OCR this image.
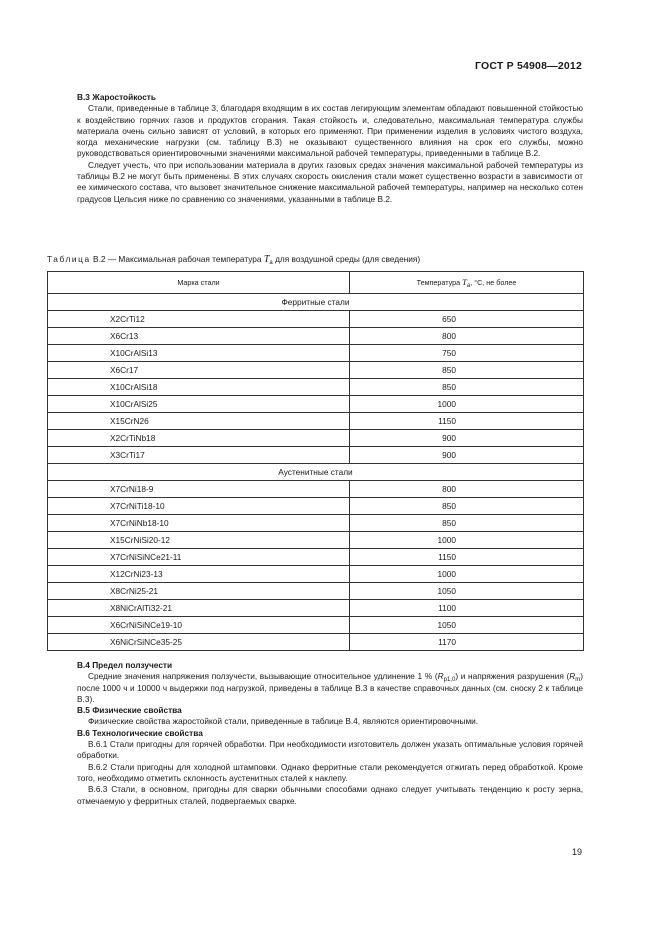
ГОСТ Р 54908—2012

В.3 Жаростойкость

Стали, приведенные в таблице 3, благодаря входящим в их состав легирующим элементам обладают повышенной стойкостью к воздействию горячих газов и продуктов сгорания. Такая стойкость и, следовательно, максимальная температура службы материала очень сильно зависят от условий, в которых его применяют. При применении изделия в условиях чистого воздуха, когда механические нагрузки (см. таблицу В.3) не оказывают существенного влияния на срок его службы, можно руководствоваться ориентировочными значениями максимальной рабочей температуры, приведенными в таблице В.2.

Следует учесть, что при использовании материала в других газовых средах значения максимальной рабочей температуры из таблицы В.2 не могут быть применены. В этих случаях скорость окисления стали может существенно возрасти в зависимости от ее химического состава, что вызовет значительное снижение максимальной рабочей температуры, например на несколько сотен градусов Цельсия ниже по сравнению со значениями, указанными в таблице В.2.

Таблица В.2 — Максимальная рабочая температура $T_a$ для воздушной среды (для сведения)
Марка стали	Температура $T_a$, °С, не более
Ферритные стали	
X2CrTi12	650
X6Cr13	800
X10CrAlSi13	750
X6Cr17	850
X10CrAlSi18	850
X10CrAlSi25	1000
X15CrN26	1150
X2CrTiNb18	900
X3CrTi17	900
Аустенитные стали	
X7CrNi18-9	800
X7CrNiTi18-10	850
X7CrNiNb18-10	850
X15CrNiSi20-12	1000
X7CrNiSiNCe21-11	1150
X12CrNi23-13	1000
X8CrNi25-21	1050
X8NiCrAlTi32-21	1100
X6CrNiSiNCe19-10	1050
X6NiCrSiNCe35-25	1170

В.4 Предел ползучести

Средние значения напряжения ползучести, вызывающие относительное удлинение 1 % $(R_{p1,0})$ и напряжения разрушения $(R_m)$ после 1000 ч и 10000 ч выдержки под нагрузкой, приведены в таблице В.3 в качестве справочных данных (см. сноску 2 к таблице В.3).

В.5 Физические свойства

Физические свойства жаростойкой стали, приведенные в таблице В.4, являются ориентировочными.

В.6 Технологические свойства

В.6.1 Стали пригодны для горячей обработки. При необходимости изготовитель должен указать оптимальные условия горячей обработки.

В.6.2 Стали пригодны для холодной штамповки. Однако ферритные стали рекомендуется отжигать перед обработкой. Кроме того, необходимо отметить склонность аустенитных сталей к наклепу.

В.6.3 Стали, в основном, пригодны для сварки обычными способами однако следует учитывать тенденцию к росту зерна, отмечаемую у ферритных сталей, подвергаемых сварке.

19
